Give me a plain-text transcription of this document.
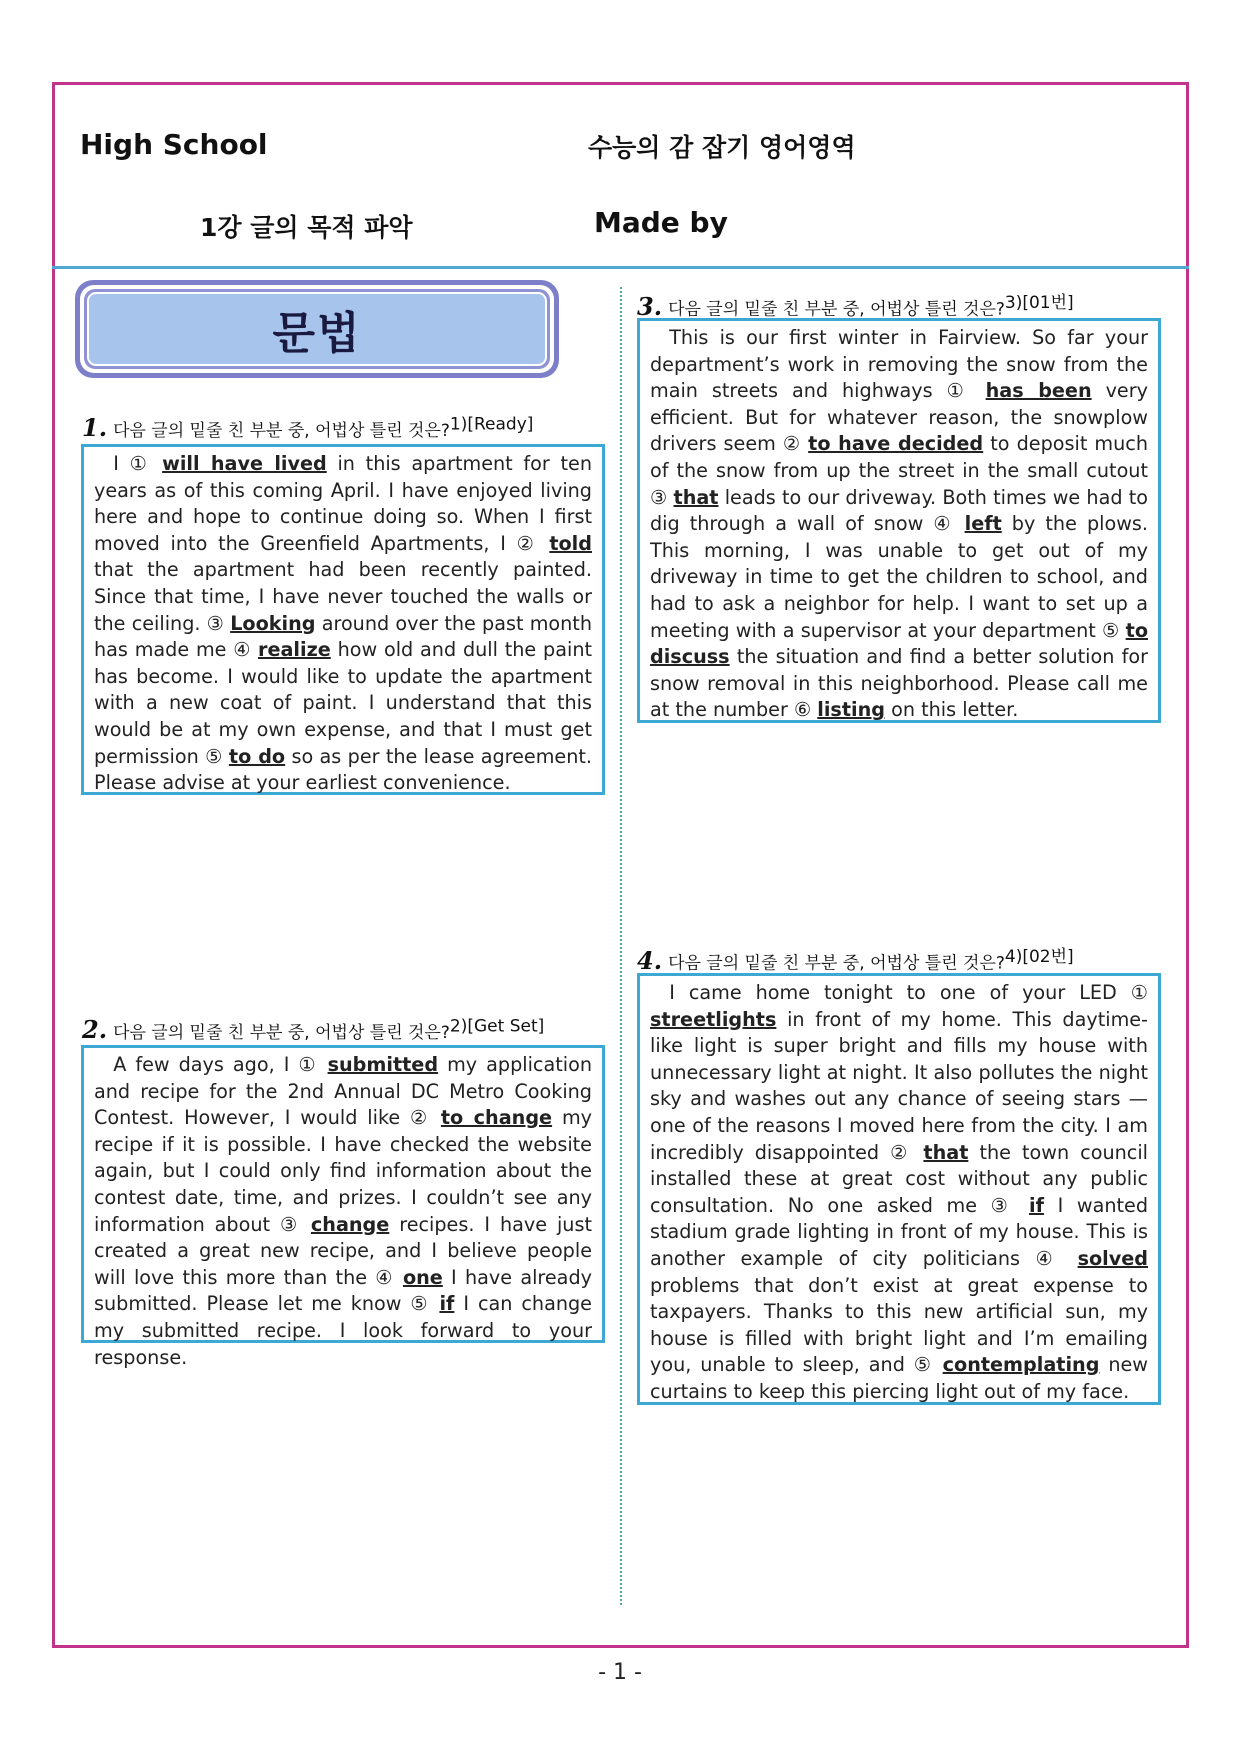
High School	수능의 감 잡기 영어영역
1강 글의 목적 파악	Made by
문법
1. 다음 글의 밑줄 친 부분 중, 어법상 틀린 것은?$^{1)[Ready]}$

I ① will have lived in this apartment for ten years as of this coming April. I have enjoyed living here and hope to continue doing so. When I first moved into the Greenfield Apartments, I ② told that the apartment had been recently painted. Since that time, I have never touched the walls or the ceiling. ③ Looking around over the past month has made me ④ realize how old and dull the paint has become. I would like to update the apartment with a new coat of paint. I understand that this would be at my own expense, and that I must get permission ⑤ to do so as per the lease agreement. Please advise at your earliest convenience.

2. 다음 글의 밑줄 친 부분 중, 어법상 틀린 것은?$^{2)[Get Set]}$

A few days ago, I ① submitted my application and recipe for the 2nd Annual DC Metro Cooking Contest. However, I would like ② to change my recipe if it is possible. I have checked the website again, but I could only find information about the contest date, time, and prizes. I couldn’t see any information about ③ change recipes. I have just created a great new recipe, and I believe people will love this more than the ④ one I have already submitted. Please let me know ⑤ if I can change my submitted recipe. I look forward to your response.

3. 다음 글의 밑줄 친 부분 중, 어법상 틀린 것은?$^{3)[01번]}$

This is our first winter in Fairview. So far your department’s work in removing the snow from the main streets and highways ① has been very efficient. But for whatever reason, the snowplow drivers seem ② to have decided to deposit much of the snow from up the street in the small cutout ③ that leads to our driveway. Both times we had to dig through a wall of snow ④ left by the plows. This morning, I was unable to get out of my driveway in time to get the children to school, and had to ask a neighbor for help. I want to set up a meeting with a supervisor at your department ⑤ to discuss the situation and find a better solution for snow removal in this neighborhood. Please call me at the number ⑥ listing on this letter.

4. 다음 글의 밑줄 친 부분 중, 어법상 틀린 것은?$^{4)[02번]}$

I came home tonight to one of your LED ① streetlights in front of my home. This daytime-like light is super bright and fills my house with unnecessary light at night. It also pollutes the night sky and washes out any chance of seeing stars — one of the reasons I moved here from the city. I am incredibly disappointed ② that the town council installed these at great cost without any public consultation. No one asked me ③ if I wanted stadium grade lighting in front of my house. This is another example of city politicians ④ solved problems that don’t exist at great expense to taxpayers. Thanks to this new artificial sun, my house is filled with bright light and I’m emailing you, unable to sleep, and ⑤ contemplating new curtains to keep this piercing light out of my face.

- 1 -
